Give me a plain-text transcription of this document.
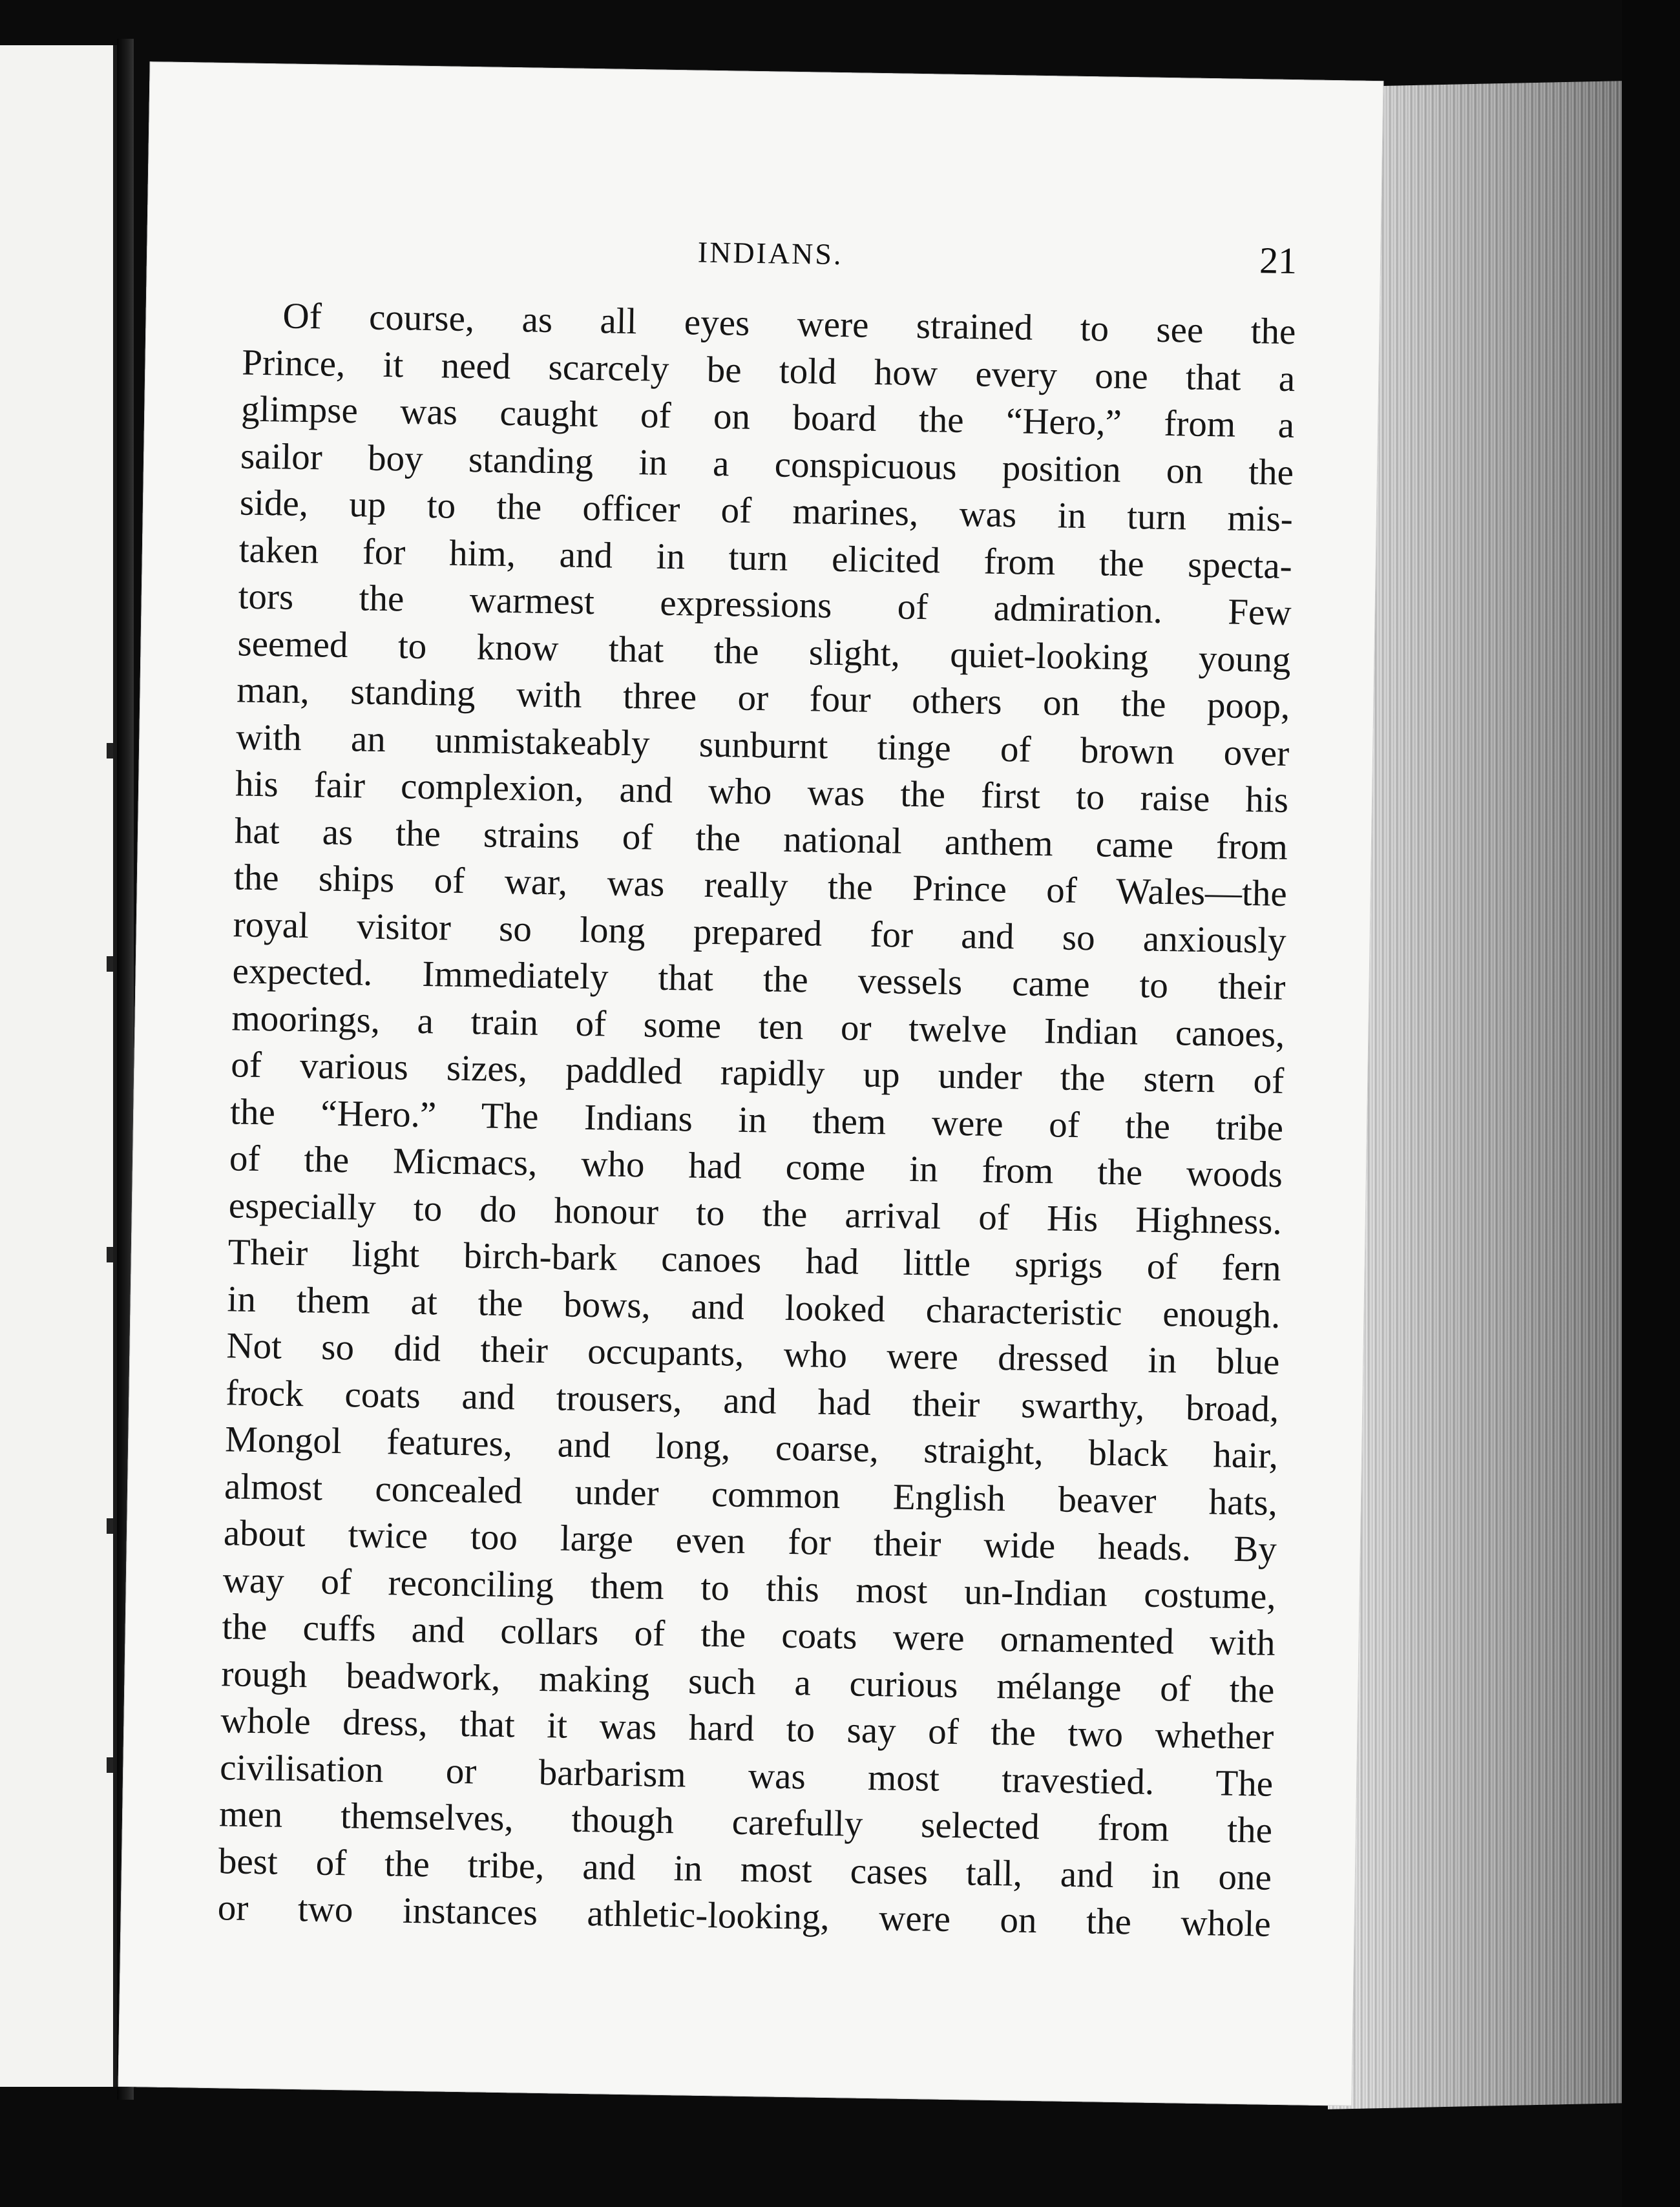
INDIANS.	21
Of course, as all eyes were strained to see the
Prince, it need scarcely be told how every one that a
glimpse was caught of on board the “Hero,” from a
sailor boy standing in a conspicuous position on the
side, up to the officer of marines, was in turn mis-
taken for him, and in turn elicited from the specta-
tors the warmest expressions of admiration. Few
seemed to know that the slight, quiet-looking young
man, standing with three or four others on the poop,
with an unmistakeably sunburnt tinge of brown over
his fair complexion, and who was the first to raise his
hat as the strains of the national anthem came from
the ships of war, was really the Prince of Wales—the
royal visitor so long prepared for and so anxiously
expected. Immediately that the vessels came to their
moorings, a train of some ten or twelve Indian canoes,
of various sizes, paddled rapidly up under the stern of
the “Hero.” The Indians in them were of the tribe
of the Micmacs, who had come in from the woods
especially to do honour to the arrival of His Highness.
Their light birch-bark canoes had little sprigs of fern
in them at the bows, and looked characteristic enough.
Not so did their occupants, who were dressed in blue
frock coats and trousers, and had their swarthy, broad,
Mongol features, and long, coarse, straight, black hair,
almost concealed under common English beaver hats,
about twice too large even for their wide heads. By
way of reconciling them to this most un-Indian costume,
the cuffs and collars of the coats were ornamented with
rough beadwork, making such a curious mélange of the
whole dress, that it was hard to say of the two whether
civilisation or barbarism was most travestied. The
men themselves, though carefully selected from the
best of the tribe, and in most cases tall, and in one
or two instances athletic-looking, were on the whole
